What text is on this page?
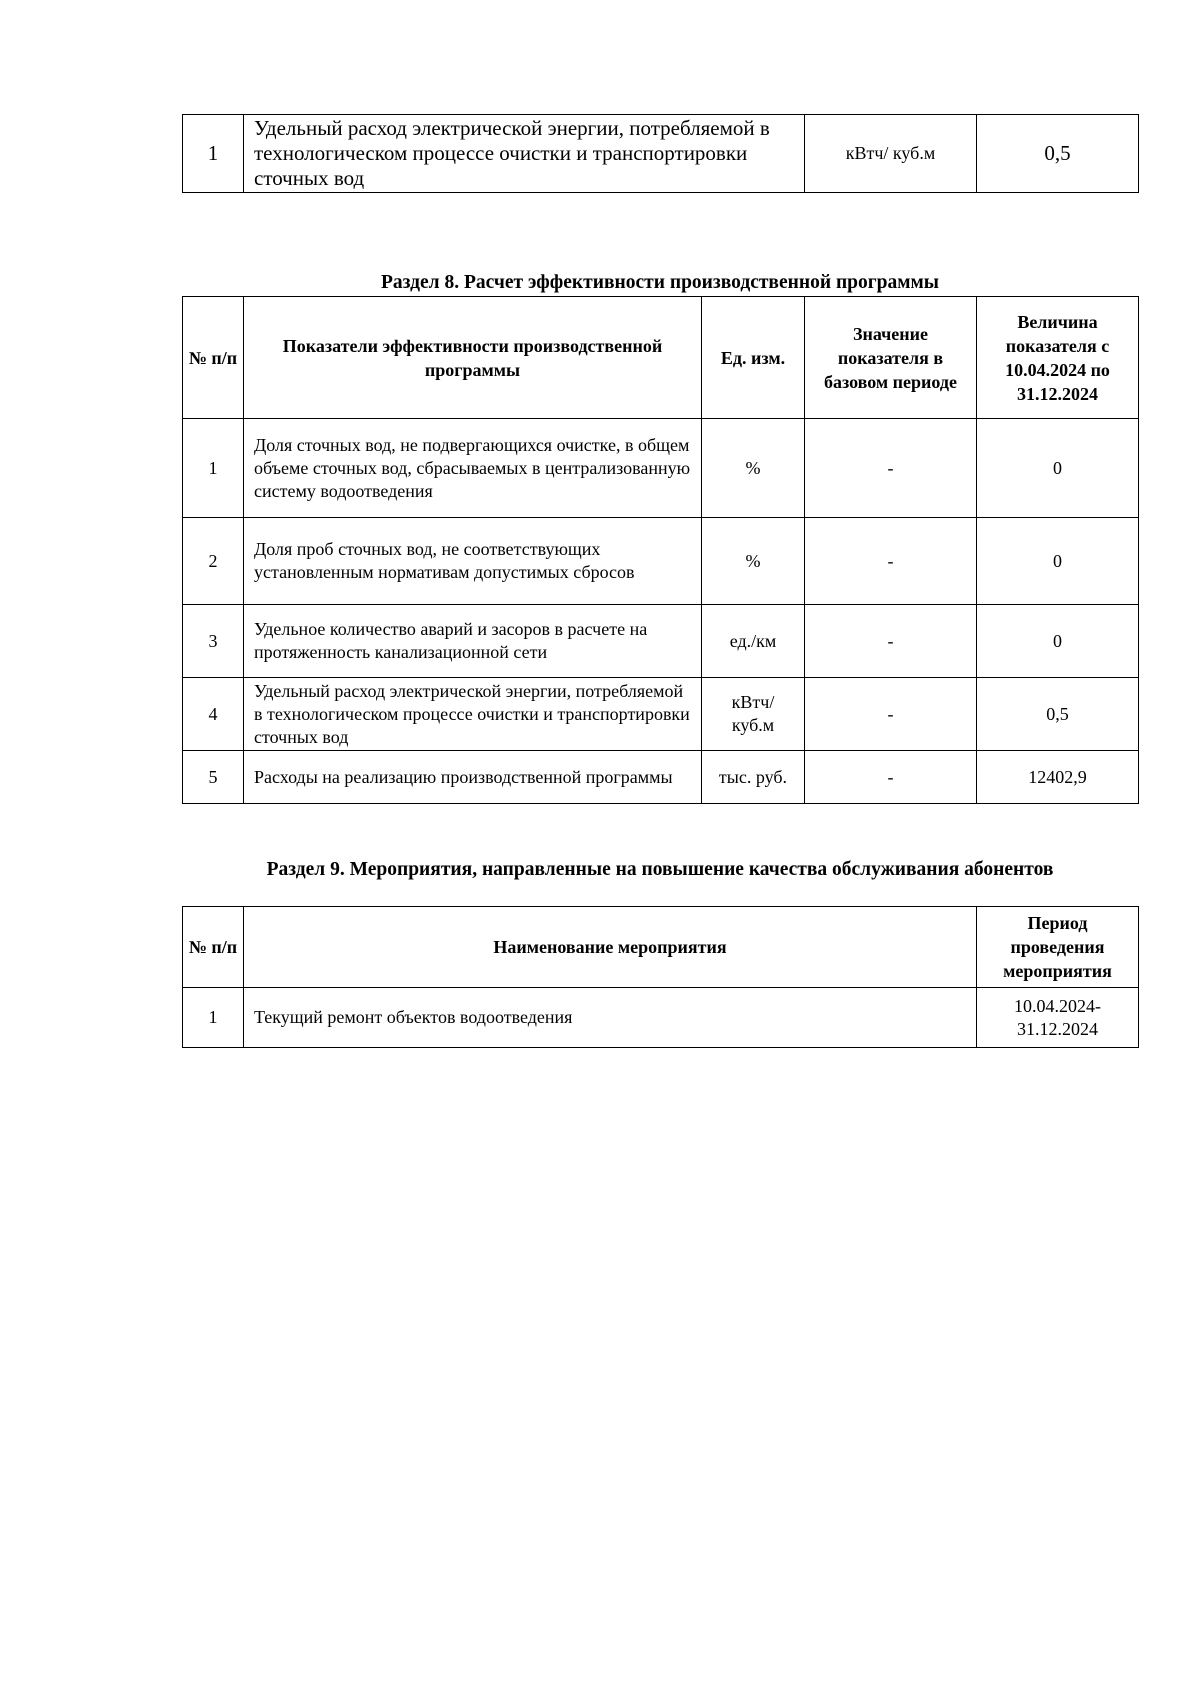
1	Удельный расход электрической энергии, потребляемой в технологическом процессе очистки и транспортировки сточных вод	кВтч/ куб.м	0,5
Раздел 8. Расчет эффективности производственной программы
№ п/п	Показатели эффективности производственной программы	Ед. изм.	Значение показателя в базовом периоде	Величина показателя с 10.04.2024 по 31.12.2024
1	Доля сточных вод, не подвергающихся очистке, в общем объеме сточных вод, сбрасываемых в централизованную систему водоотведения	%	-	0
2	Доля проб сточных вод, не соответствующих установленным нормативам допустимых сбросов	%	-	0
3	Удельное количество аварий и засоров в расчете на протяженность канализационной сети	ед./км	-	0
4	Удельный расход электрической энергии, потребляемой в технологическом процессе очистки и транспортировки сточных вод	кВтч/ куб.м	-	0,5
5	Расходы на реализацию производственной программы	тыс. руб.	-	12402,9
Раздел 9. Мероприятия, направленные на повышение качества обслуживания абонентов
№ п/п	Наименование мероприятия	Период проведения мероприятия
1	Текущий ремонт объектов водоотведения	10.04.2024- 31.12.2024
